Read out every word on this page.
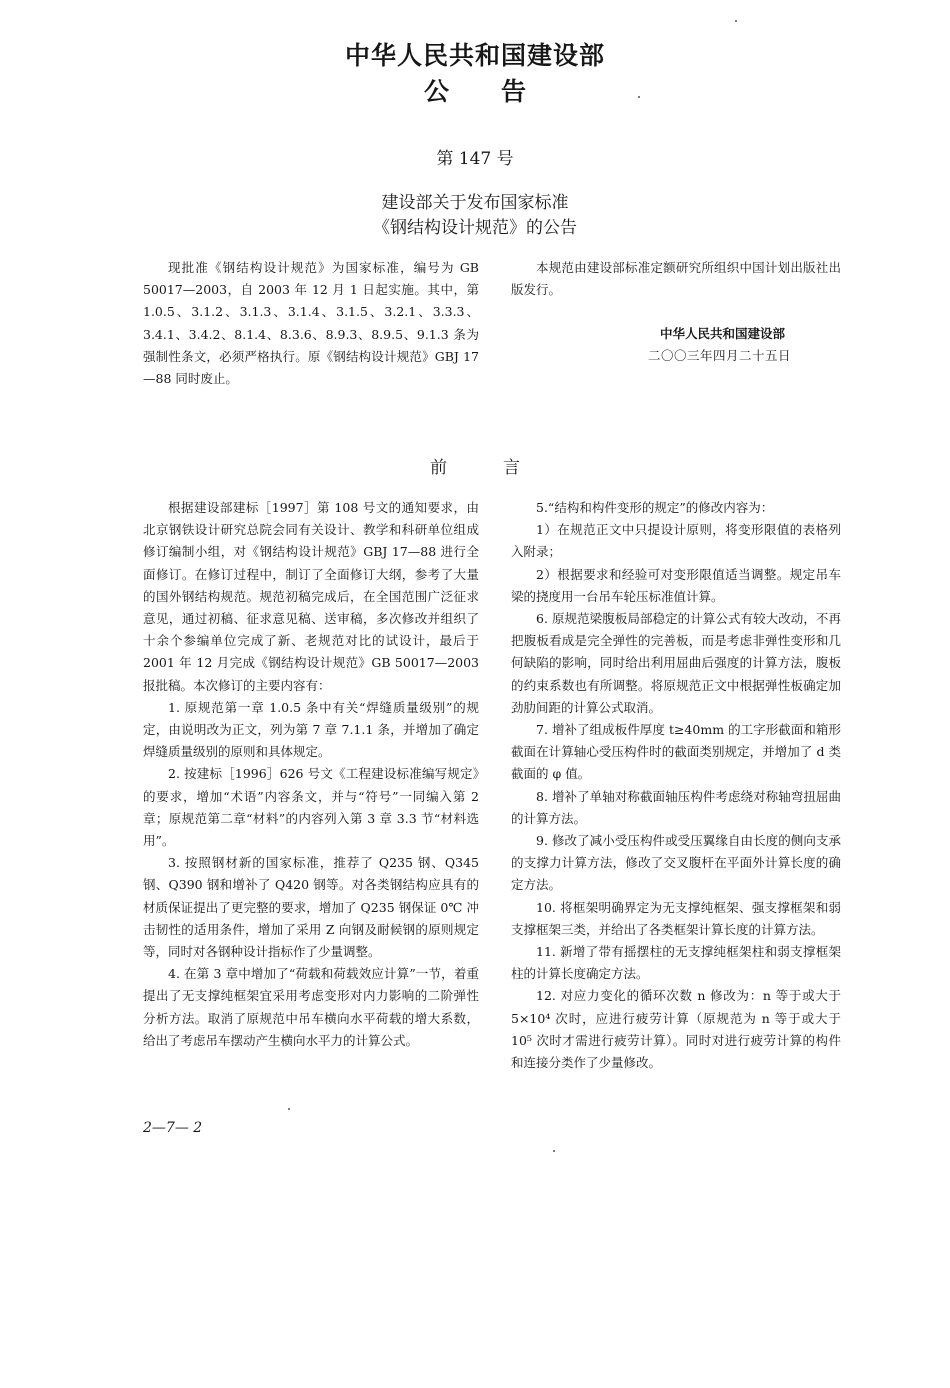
中华人民共和国建设部
公 告
第 147 号
建设部关于发布国家标准
《钢结构设计规范》的公告

现批准《钢结构设计规范》为国家标准，编号为 GB 50017—2003，自 2003 年 12 月 1 日起实施。其中，第 1.0.5、3.1.2、3.1.3、3.1.4、3.1.5、3.2.1、3.3.3、3.4.1、3.4.2、8.1.4、8.3.6、8.9.3、8.9.5、9.1.3 条为强制性条文，必须严格执行。原《钢结构设计规范》GBJ 17—88 同时废止。

本规范由建设部标准定额研究所组织中国计划出版社出版发行。

中华人民共和国建设部
二〇〇三年四月二十五日
前	言

根据建设部建标［1997］第 108 号文的通知要求，由北京钢铁设计研究总院会同有关设计、教学和科研单位组成修订编制小组，对《钢结构设计规范》GBJ 17—88 进行全面修订。在修订过程中，制订了全面修订大纲，参考了大量的国外钢结构规范。规范初稿完成后，在全国范围广泛征求意见，通过初稿、征求意见稿、送审稿，多次修改并组织了十余个参编单位完成了新、老规范对比的试设计，最后于 2001 年 12 月完成《钢结构设计规范》GB 50017—2003 报批稿。本次修订的主要内容有：

1. 原规范第一章 1.0.5 条中有关“焊缝质量级别”的规定，由说明改为正文，列为第 7 章 7.1.1 条，并增加了确定焊缝质量级别的原则和具体规定。

2. 按建标［1996］626 号文《工程建设标准编写规定》的要求，增加“术语”内容条文，并与“符号”一同编入第 2 章；原规范第二章“材料”的内容列入第 3 章 3.3 节“材料选用”。

3. 按照钢材新的国家标准，推荐了 Q235 钢、Q345 钢、Q390 钢和增补了 Q420 钢等。对各类钢结构应具有的材质保证提出了更完整的要求，增加了 Q235 钢保证 0℃ 冲击韧性的适用条件，增加了采用 Z 向钢及耐候钢的原则规定等，同时对各钢种设计指标作了少量调整。

4. 在第 3 章中增加了“荷载和荷载效应计算”一节，着重提出了无支撑纯框架宜采用考虑变形对内力影响的二阶弹性分析方法。取消了原规范中吊车横向水平荷载的增大系数，给出了考虑吊车摆动产生横向水平力的计算公式。

5.“结构和构件变形的规定”的修改内容为：

1）在规范正文中只提设计原则，将变形限值的表格列入附录；

2）根据要求和经验可对变形限值适当调整。规定吊车梁的挠度用一台吊车轮压标准值计算。

6. 原规范梁腹板局部稳定的计算公式有较大改动，不再把腹板看成是完全弹性的完善板，而是考虑非弹性变形和几何缺陷的影响，同时给出利用屈曲后强度的计算方法，腹板的约束系数也有所调整。将原规范正文中根据弹性板确定加劲肋间距的计算公式取消。

7. 增补了组成板件厚度 t≥40mm 的工字形截面和箱形截面在计算轴心受压构件时的截面类别规定，并增加了 d 类截面的 φ 值。

8. 增补了单轴对称截面轴压构件考虑绕对称轴弯扭屈曲的计算方法。

9. 修改了减小受压构件或受压翼缘自由长度的侧向支承的支撑力计算方法，修改了交叉腹杆在平面外计算长度的确定方法。

10. 将框架明确界定为无支撑纯框架、强支撑框架和弱支撑框架三类，并给出了各类框架计算长度的计算方法。

11. 新增了带有摇摆柱的无支撑纯框架柱和弱支撑框架柱的计算长度确定方法。

12. 对应力变化的循环次数 n 修改为：n 等于或大于 5×10⁴ 次时，应进行疲劳计算（原规范为 n 等于或大于 10⁵ 次时才需进行疲劳计算）。同时对进行疲劳计算的构件和连接分类作了少量修改。

2—7— 2
